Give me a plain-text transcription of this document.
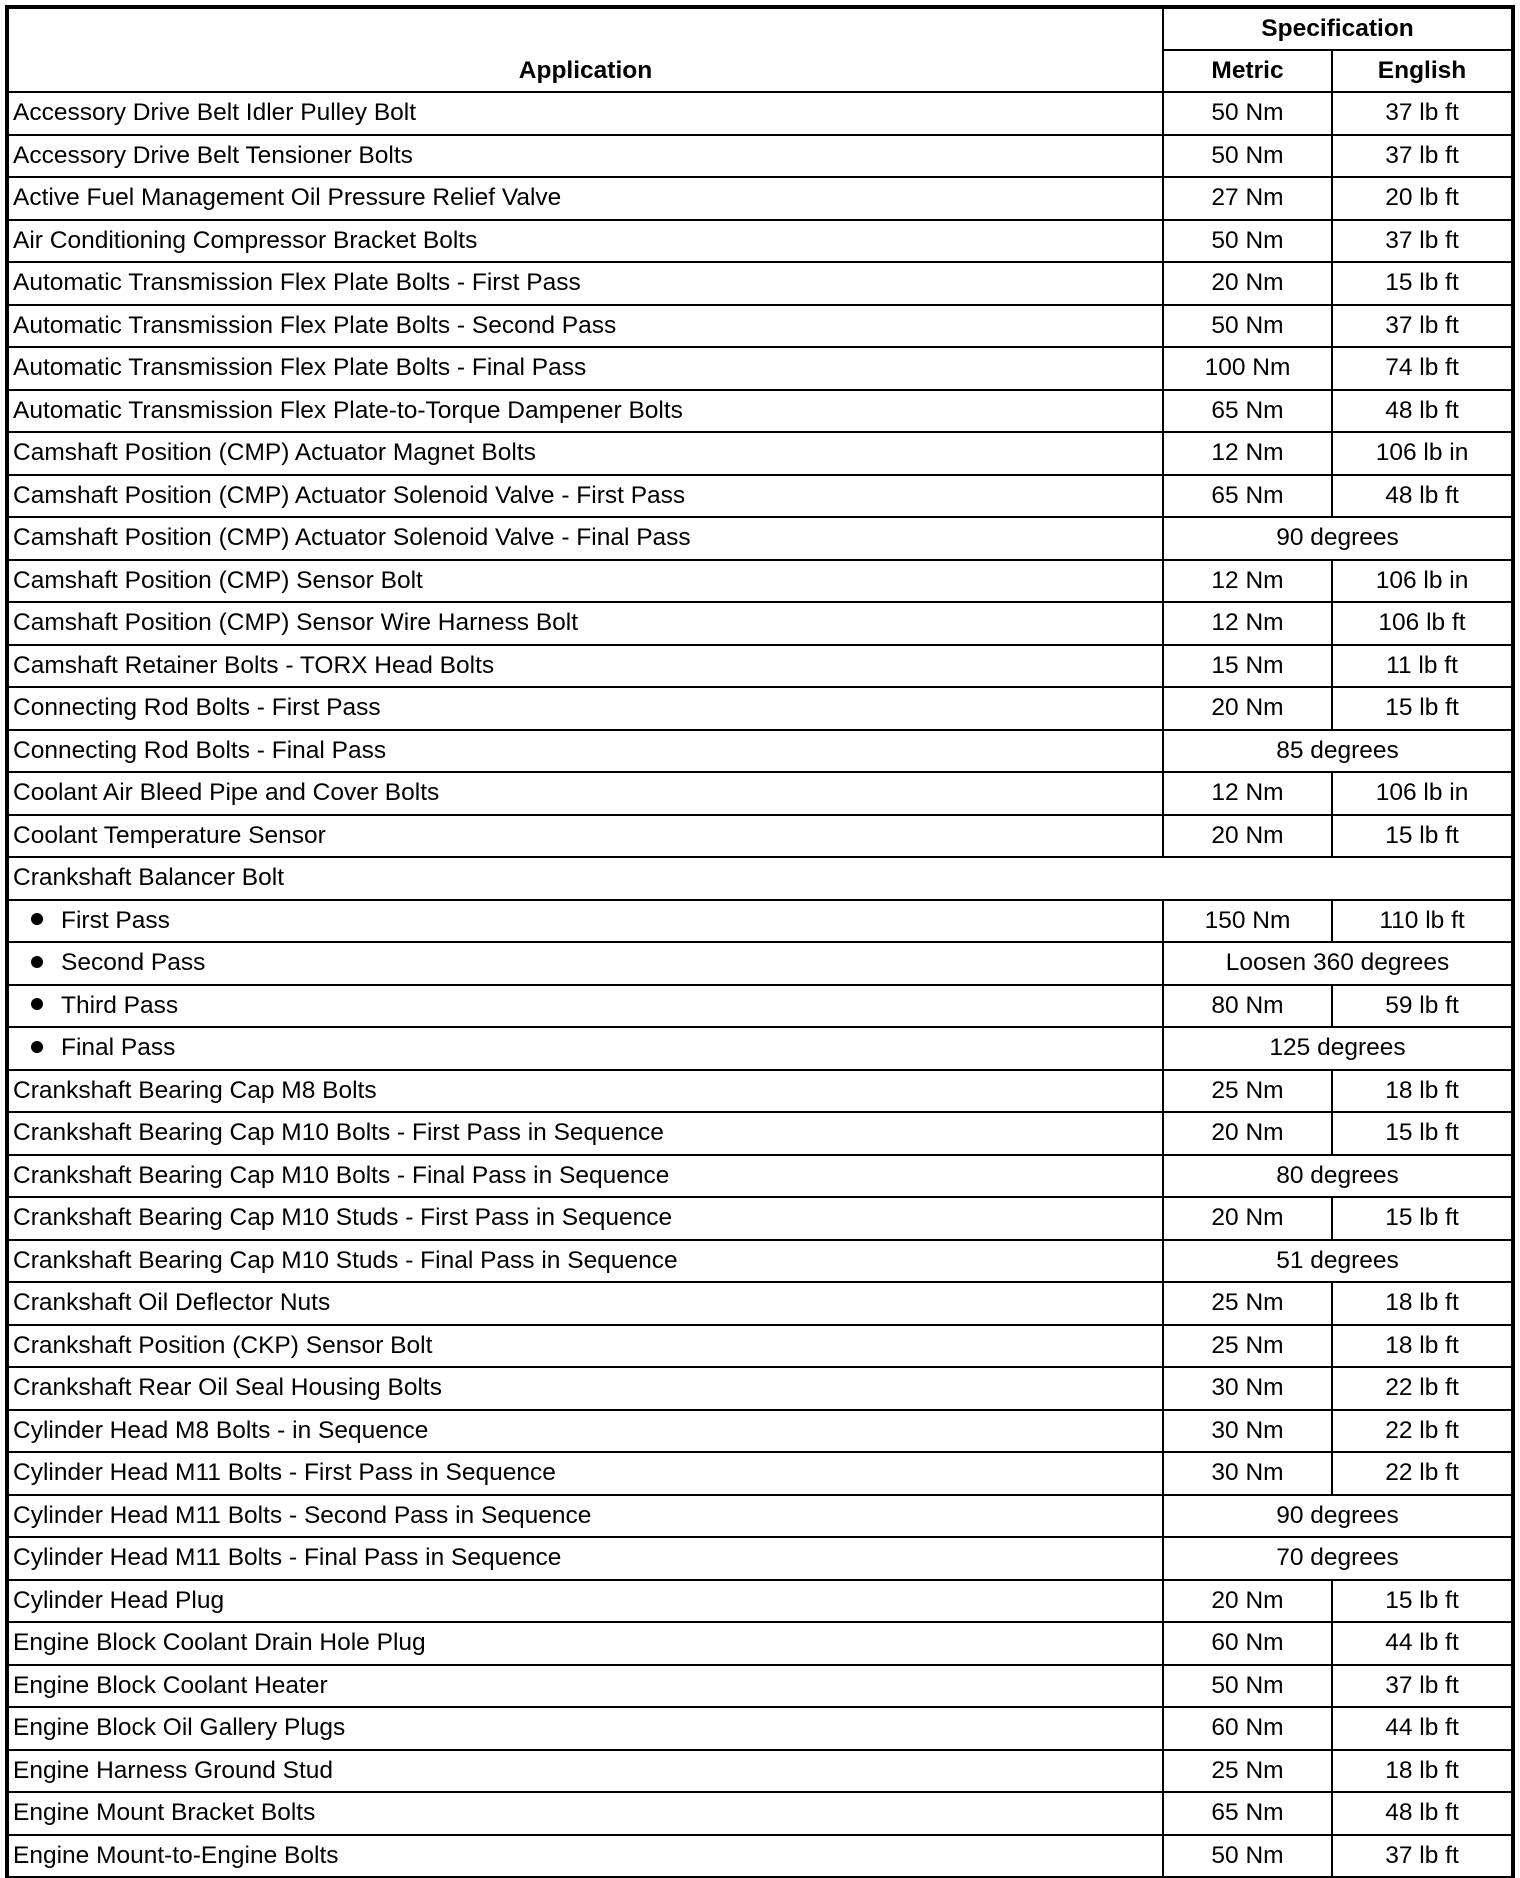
Application	Specification	
	Metric	English
Accessory Drive Belt Idler Pulley Bolt	50 Nm	37 lb ft
Accessory Drive Belt Tensioner Bolts	50 Nm	37 lb ft
Active Fuel Management Oil Pressure Relief Valve	27 Nm	20 lb ft
Air Conditioning Compressor Bracket Bolts	50 Nm	37 lb ft
Automatic Transmission Flex Plate Bolts - First Pass	20 Nm	15 lb ft
Automatic Transmission Flex Plate Bolts - Second Pass	50 Nm	37 lb ft
Automatic Transmission Flex Plate Bolts - Final Pass	100 Nm	74 lb ft
Automatic Transmission Flex Plate-to-Torque Dampener Bolts	65 Nm	48 lb ft
Camshaft Position (CMP) Actuator Magnet Bolts	12 Nm	106 lb in
Camshaft Position (CMP) Actuator Solenoid Valve - First Pass	65 Nm	48 lb ft
Camshaft Position (CMP) Actuator Solenoid Valve - Final Pass	90 degrees	
Camshaft Position (CMP) Sensor Bolt	12 Nm	106 lb in
Camshaft Position (CMP) Sensor Wire Harness Bolt	12 Nm	106 lb ft
Camshaft Retainer Bolts - TORX Head Bolts	15 Nm	11 lb ft
Connecting Rod Bolts - First Pass	20 Nm	15 lb ft
Connecting Rod Bolts - Final Pass	85 degrees	
Coolant Air Bleed Pipe and Cover Bolts	12 Nm	106 lb in
Coolant Temperature Sensor	20 Nm	15 lb ft
Crankshaft Balancer Bolt		
First Pass	150 Nm	110 lb ft
Second Pass	Loosen 360 degrees	
Third Pass	80 Nm	59 lb ft
Final Pass	125 degrees	
Crankshaft Bearing Cap M8 Bolts	25 Nm	18 lb ft
Crankshaft Bearing Cap M10 Bolts - First Pass in Sequence	20 Nm	15 lb ft
Crankshaft Bearing Cap M10 Bolts - Final Pass in Sequence	80 degrees	
Crankshaft Bearing Cap M10 Studs - First Pass in Sequence	20 Nm	15 lb ft
Crankshaft Bearing Cap M10 Studs - Final Pass in Sequence	51 degrees	
Crankshaft Oil Deflector Nuts	25 Nm	18 lb ft
Crankshaft Position (CKP) Sensor Bolt	25 Nm	18 lb ft
Crankshaft Rear Oil Seal Housing Bolts	30 Nm	22 lb ft
Cylinder Head M8 Bolts - in Sequence	30 Nm	22 lb ft
Cylinder Head M11 Bolts - First Pass in Sequence	30 Nm	22 lb ft
Cylinder Head M11 Bolts - Second Pass in Sequence	90 degrees	
Cylinder Head M11 Bolts - Final Pass in Sequence	70 degrees	
Cylinder Head Plug	20 Nm	15 lb ft
Engine Block Coolant Drain Hole Plug	60 Nm	44 lb ft
Engine Block Coolant Heater	50 Nm	37 lb ft
Engine Block Oil Gallery Plugs	60 Nm	44 lb ft
Engine Harness Ground Stud	25 Nm	18 lb ft
Engine Mount Bracket Bolts	65 Nm	48 lb ft
Engine Mount-to-Engine Bolts	50 Nm	37 lb ft
